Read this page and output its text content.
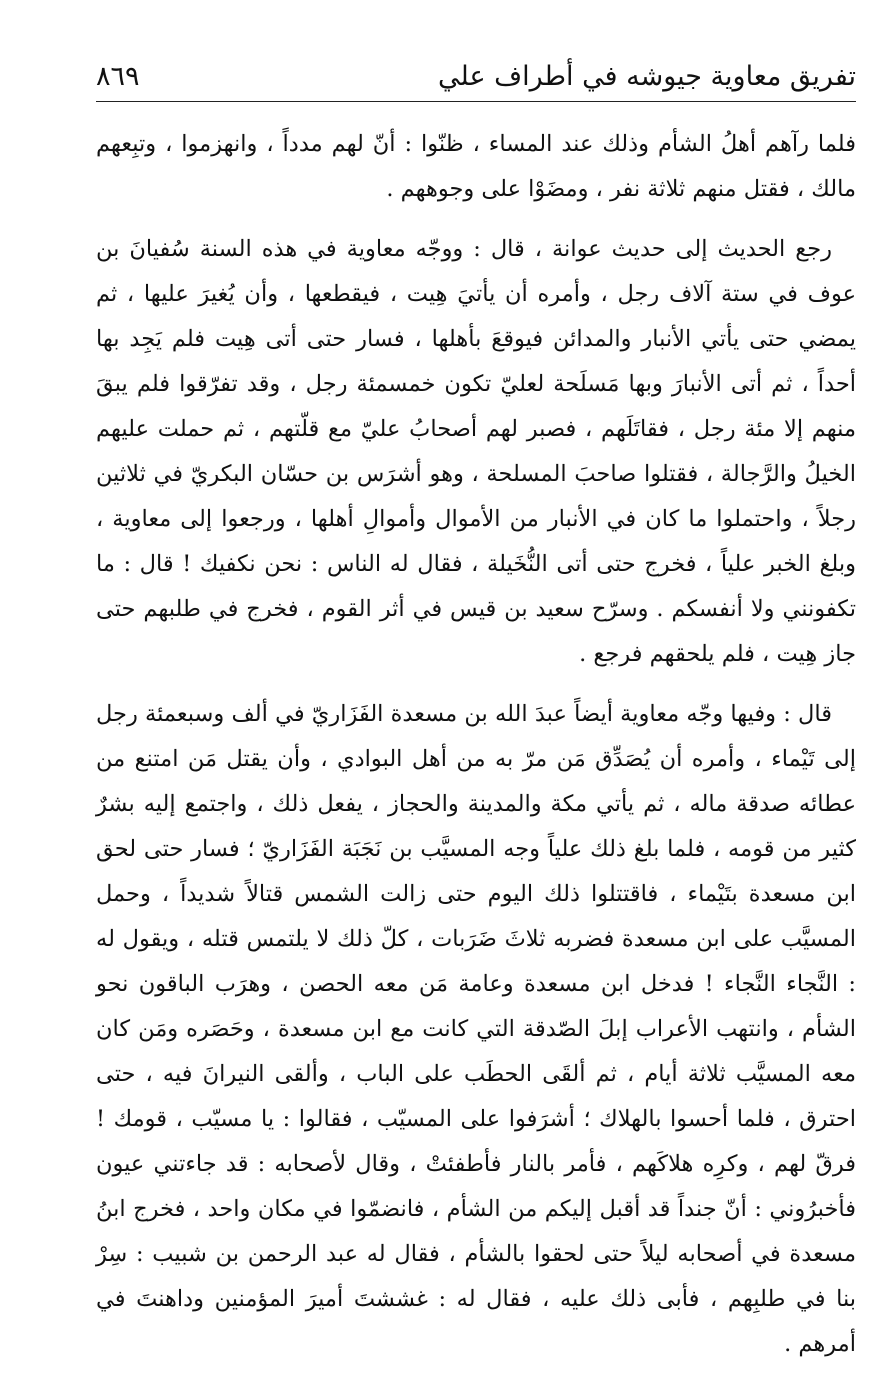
تفريق معاوية جيوشه في أطراف علي
٨٦٩

فلما رآهم أهلُ الشأم وذلك عند المساء ، ظنّوا : أنّ لهم مدداً ، وانهزموا ، وتبِعهم مالك ، فقتل منهم ثلاثة نفر ، ومضَوْا على وجوههم .

رجع الحديث إلى حديث عوانة ، قال : ووجّه معاوية في هذه السنة سُفيانَ بن عوف في ستة آلاف رجل ، وأمره أن يأتيَ هِيت ، فيقطعها ، وأن يُغيرَ عليها ، ثم يمضي حتى يأتي الأنبار والمدائن فيوقعَ بأهلها ، فسار حتى أتى هِيت فلم يَجِد بها أحداً ، ثم أتى الأنبارَ وبها مَسلَحة لعليّ تكون خمسمئة رجل ، وقد تفرّقوا فلم يبقَ منهم إلا مئة رجل ، فقاتَلَهم ، فصبر لهم أصحابُ عليّ مع قلّتهم ، ثم حملت عليهم الخيلُ والرَّجالة ، فقتلوا صاحبَ المسلحة ، وهو أشرَس بن حسّان البكريّ في ثلاثين رجلاً ، واحتملوا ما كان في الأنبار من الأموال وأموالِ أهلها ، ورجعوا إلى معاوية ، وبلغ الخبر علياً ، فخرج حتى أتى النُّخَيلة ، فقال له الناس : نحن نكفيك ! قال : ما تكفونني ولا أنفسكم . وسرّح سعيد بن قيس في أثر القوم ، فخرج في طلبهم حتى جاز هِيت ، فلم يلحقهم فرجع .

قال : وفيها وجّه معاوية أيضاً عبدَ الله بن مسعدة الفَزَاريّ في ألف وسبعمئة رجل إلى تَيْماء ، وأمره أن يُصَدِّق مَن مرّ به من أهل البوادي ، وأن يقتل مَن امتنع من عطائه صدقة ماله ، ثم يأتي مكة والمدينة والحجاز ، يفعل ذلك ، واجتمع إليه بشرٌ كثير من قومه ، فلما بلغ ذلك علياً وجه المسيَّب بن نَجَبَة الفَزَاريّ ؛ فسار حتى لحق ابن مسعدة بتَيْماء ، فاقتتلوا ذلك اليوم حتى زالت الشمس قتالاً شديداً ، وحمل المسيَّب على ابن مسعدة فضربه ثلاثَ ضَرَبات ، كلّ ذلك لا يلتمس قتله ، ويقول له : النَّجاء النَّجاء ! فدخل ابن مسعدة وعامة مَن معه الحصن ، وهرَب الباقون نحو الشأم ، وانتهب الأعراب إبلَ الصّدقة التي كانت مع ابن مسعدة ، وحَصَره ومَن كان معه المسيَّب ثلاثة أيام ، ثم ألقَى الحطَب على الباب ، وألقى النيرانَ فيه ، حتى احترق ، فلما أحسوا بالهلاك ؛ أشرَفوا على المسيّب ، فقالوا : يا مسيّب ، قومك ! فرقّ لهم ، وكرِه هلاكَهم ، فأمر بالنار فأطفئتْ ، وقال لأصحابه : قد جاءتني عيون فأخبرُوني : أنّ جنداً قد أقبل إليكم من الشأم ، فانضمّوا في مكان واحد ، فخرج ابنُ مسعدة في أصحابه ليلاً حتى لحقوا بالشأم ، فقال له عبد الرحمن بن شبيب : سِرْ بنا في طلبِهم ، فأبى ذلك عليه ، فقال له : غششتَ أميرَ المؤمنين وداهنتَ في أمرهم .
